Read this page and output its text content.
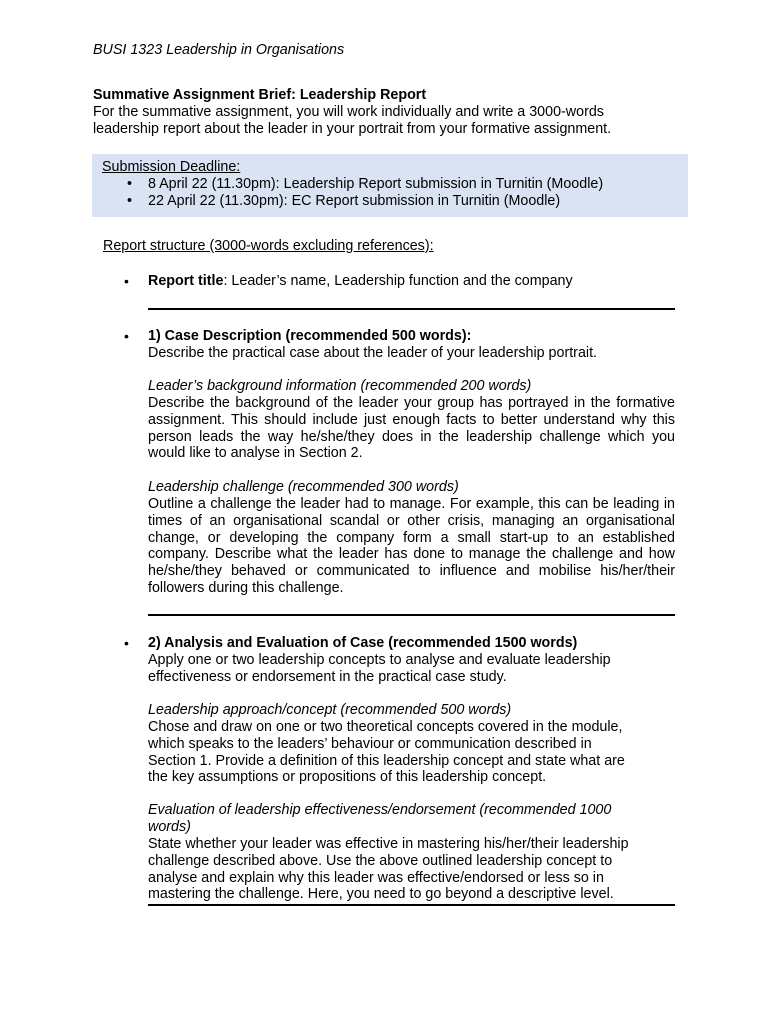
BUSI 1323 Leadership in Organisations
Summative Assignment Brief: Leadership Report
For the summative assignment, you will work individually and write a 3000-words
leadership report about the leader in your portrait from your formative assignment.
Submission Deadline:
• 8 April 22 (11.30pm): Leadership Report submission in Turnitin (Moodle)
• 22 April 22 (11.30pm): EC Report submission in Turnitin (Moodle)
Report structure (3000-words excluding references):
• Report title: Leader’s name, Leadership function and the company
• 1) Case Description (recommended 500 words):
Describe the practical case about the leader of your leadership portrait.
Leader’s background information (recommended 200 words)
Describe the background of the leader your group has portrayed in the formative assignment. This should include just enough facts to better understand why this person leads the way he/she/they does in the leadership challenge which you would like to analyse in Section 2.
Leadership challenge (recommended 300 words)
Outline a challenge the leader had to manage. For example, this can be leading in times of an organisational scandal or other crisis, managing an organisational change, or developing the company form a small start-up to an established company. Describe what the leader has done to manage the challenge and how he/she/they behaved or communicated to influence and mobilise his/her/their followers during this challenge.
• 2) Analysis and Evaluation of Case (recommended 1500 words)
Apply one or two leadership concepts to analyse and evaluate leadership
effectiveness or endorsement in the practical case study.
Leadership approach/concept (recommended 500 words)
Chose and draw on one or two theoretical concepts covered in the module,
which speaks to the leaders’ behaviour or communication described in
Section 1. Provide a definition of this leadership concept and state what are
the key assumptions or propositions of this leadership concept.
Evaluation of leadership effectiveness/endorsement (recommended 1000
words)
State whether your leader was effective in mastering his/her/their leadership
challenge described above. Use the above outlined leadership concept to
analyse and explain why this leader was effective/endorsed or less so in
mastering the challenge. Here, you need to go beyond a descriptive level.
